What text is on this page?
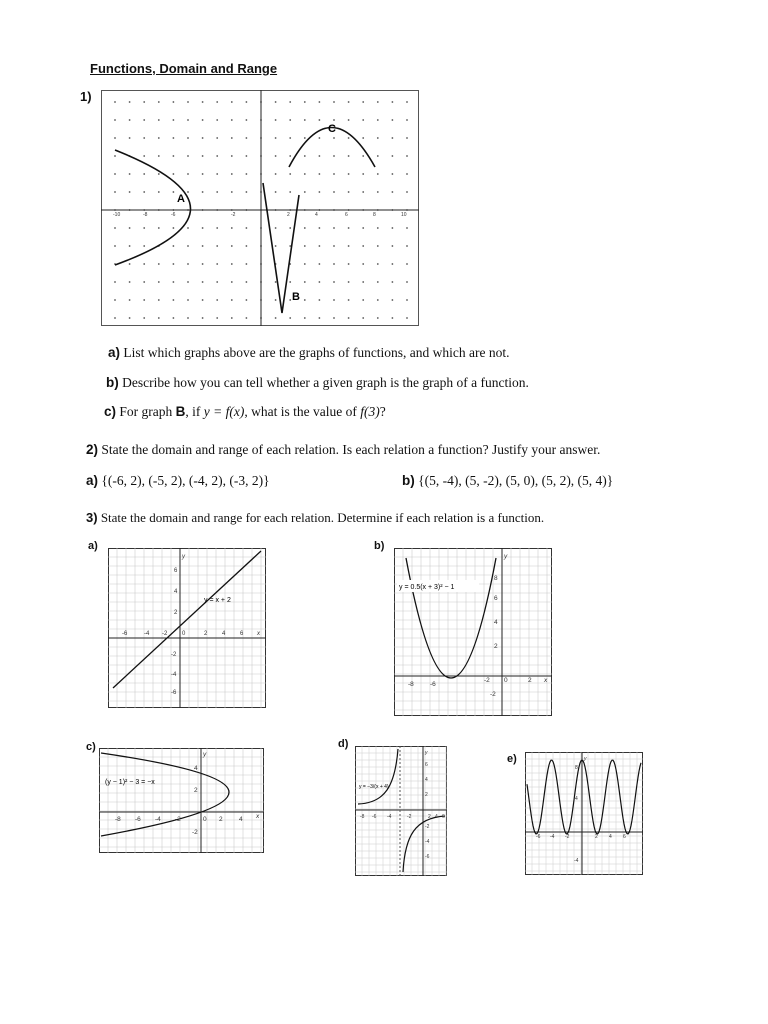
Functions, Domain and Range
1)
-10	-8	-6	-2	2	4	6	8	10
A
B
C
a) List which graphs above are the graphs of functions, and which are not.
b) Describe how you can tell whether a given graph is the graph of a function.
c) For graph B, if y = f(x), what is the value of f(3)?
2) State the domain and range of each relation. Is each relation a function? Justify your answer.
a) {(-6, 2), (-5, 2), (-4, 2), (-3, 2)}	b) {(5, -4), (5, -2), (5, 0), (5, 2), (5, 4)}
3) State the domain and range for each relation. Determine if each relation is a function.
a)
y = x + 2
-6	-4 -2 0	2 4 6 x
y
6
4
2
-2
-4
-6
b)
y = 0.5(x + 3)² − 1
-8 -6
-2 0	2 x
y
8
6
4
2
-2
c)
(y − 1)² − 3 = −x
-8 -6 -4 -2	0 2	4 x
y
4
2
-2
d)
y = −3/(x + 4)
-8 -6 -4	-2	2 4 6
y
6
4
2
-2
-4
-6
e)
-6 -4 -2	2 4 6
y
8
4
-4
